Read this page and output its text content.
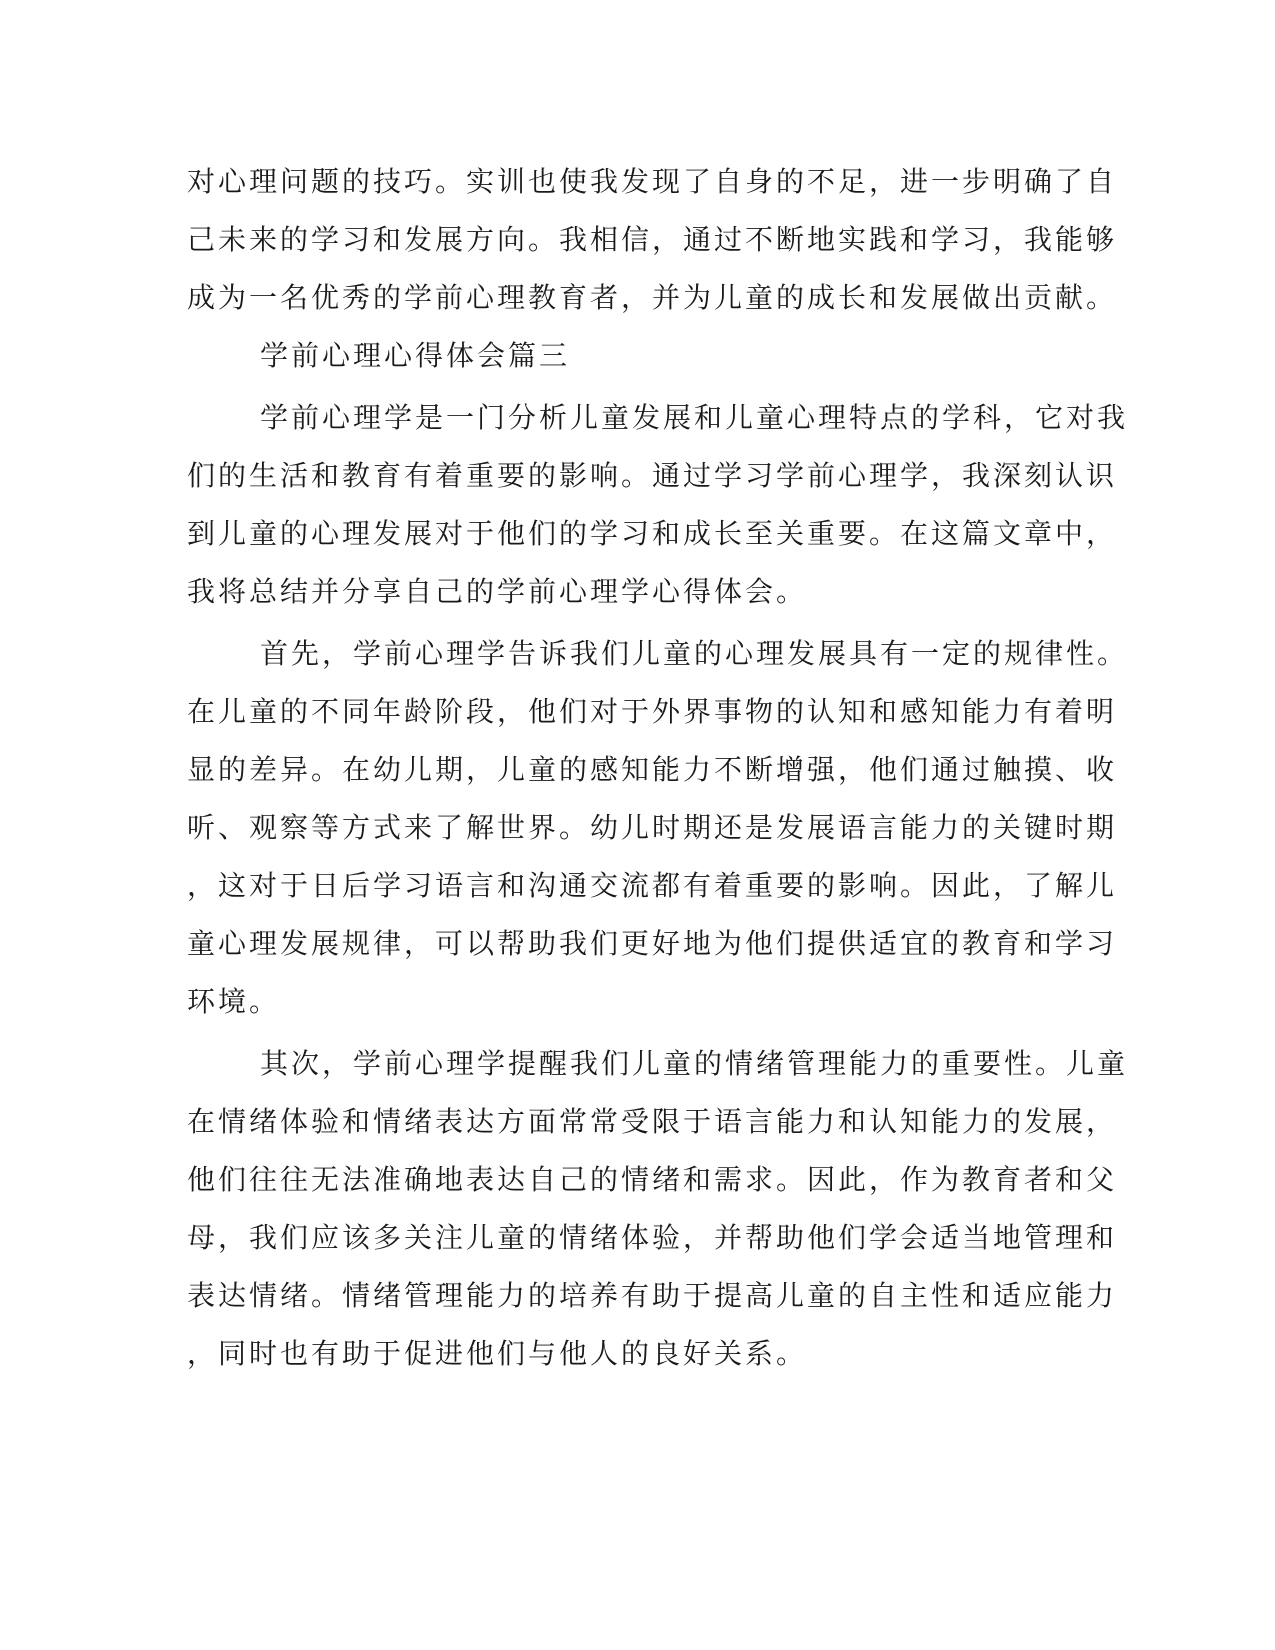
对心理问题的技巧。实训也使我发现了自身的不足，进一步明确了自

己未来的学习和发展方向。我相信，通过不断地实践和学习，我能够

成为一名优秀的学前心理教育者，并为儿童的成长和发展做出贡献。

学前心理心得体会篇三

学前心理学是一门分析儿童发展和儿童心理特点的学科，它对我

们的生活和教育有着重要的影响。通过学习学前心理学，我深刻认识

到儿童的心理发展对于他们的学习和成长至关重要。在这篇文章中，

我将总结并分享自己的学前心理学心得体会。

首先，学前心理学告诉我们儿童的心理发展具有一定的规律性。

在儿童的不同年龄阶段，他们对于外界事物的认知和感知能力有着明

显的差异。在幼儿期，儿童的感知能力不断增强，他们通过触摸、收

听、观察等方式来了解世界。幼儿时期还是发展语言能力的关键时期

，这对于日后学习语言和沟通交流都有着重要的影响。因此，了解儿

童心理发展规律，可以帮助我们更好地为他们提供适宜的教育和学习

环境。

其次，学前心理学提醒我们儿童的情绪管理能力的重要性。儿童

在情绪体验和情绪表达方面常常受限于语言能力和认知能力的发展，

他们往往无法准确地表达自己的情绪和需求。因此，作为教育者和父

母，我们应该多关注儿童的情绪体验，并帮助他们学会适当地管理和

表达情绪。情绪管理能力的培养有助于提高儿童的自主性和适应能力

，同时也有助于促进他们与他人的良好关系。
